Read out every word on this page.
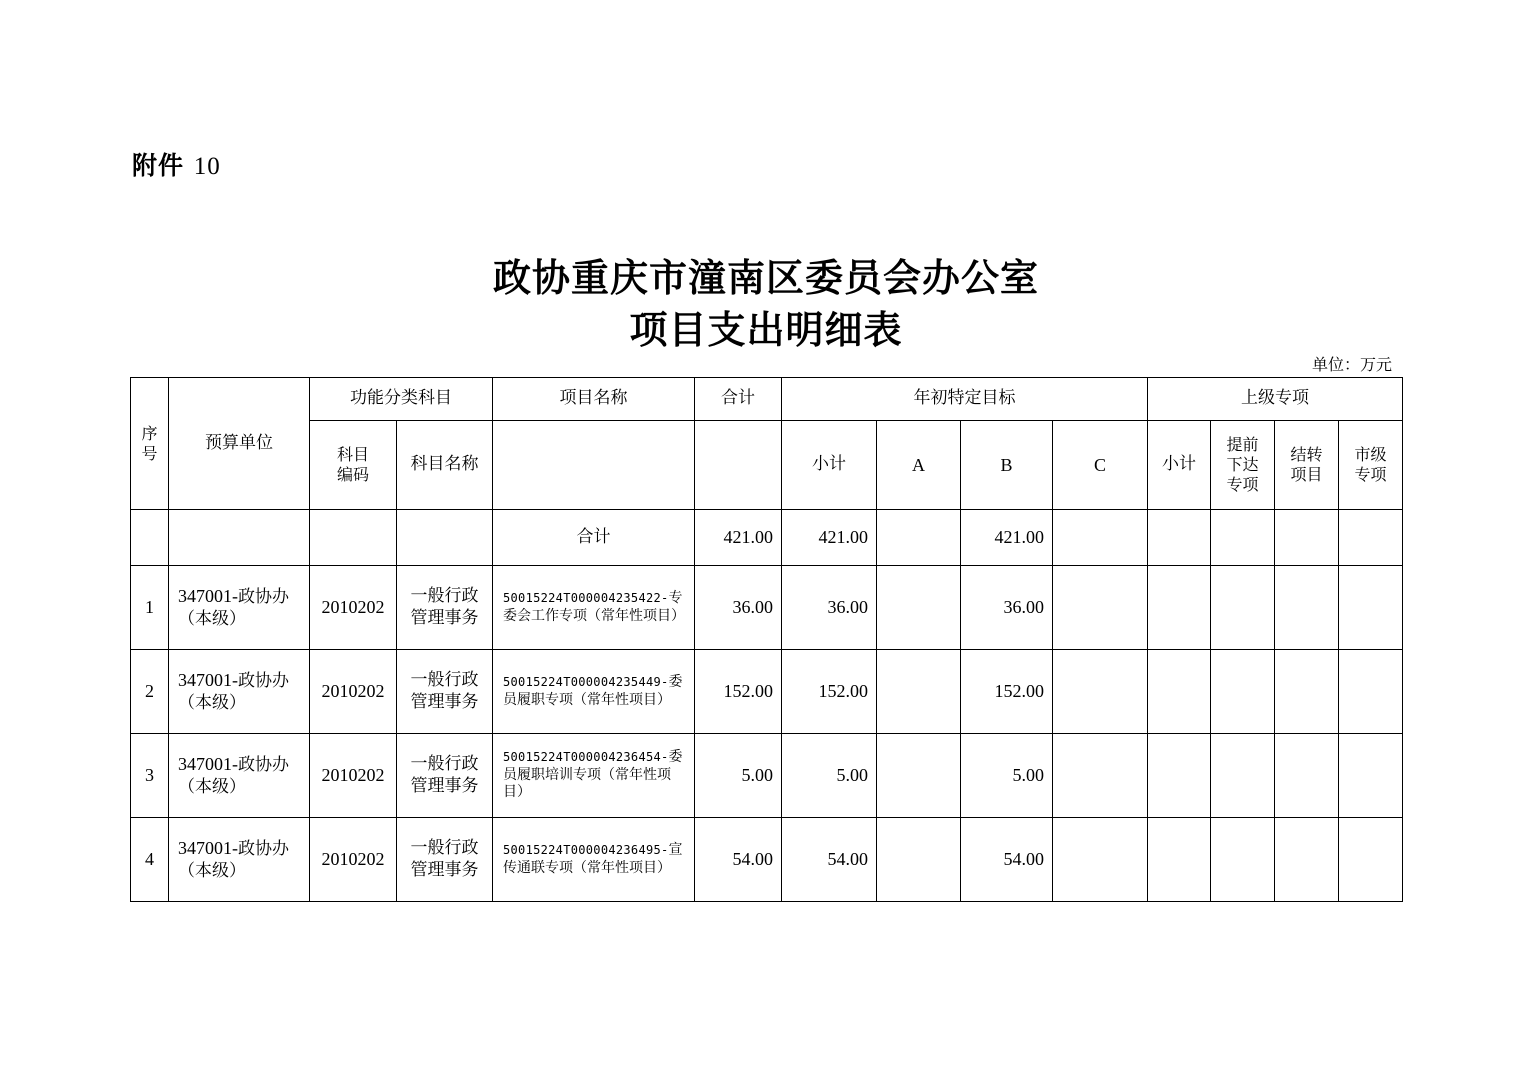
附件 10
政协重庆市潼南区委员会办公室
项目支出明细表
单位：万元
序号	预算单位	功能分类科目		项目名称	合计	年初特定目标				上级专项			

		科目编码	科目名称			小计	A	B	C	小计	提前下达专项	结转项目	市级专项

				合计	421.00	421.00		421.00					
1	347001-政协办
（本级）	2010202	一般行政管理事务	50015224T000004235422-专委会工作专项（常年性项目）	36.00	36.00		36.00					
2	347001-政协办
（本级）	2010202	一般行政管理事务	50015224T000004235449-委员履职专项（常年性项目）	152.00	152.00		152.00					
3	347001-政协办
（本级）	2010202	一般行政管理事务	50015224T000004236454-委员履职培训专项（常年性项目）	5.00	5.00		5.00					
4	347001-政协办
（本级）	2010202	一般行政管理事务	50015224T000004236495-宣传通联专项（常年性项目）	54.00	54.00		54.00					
